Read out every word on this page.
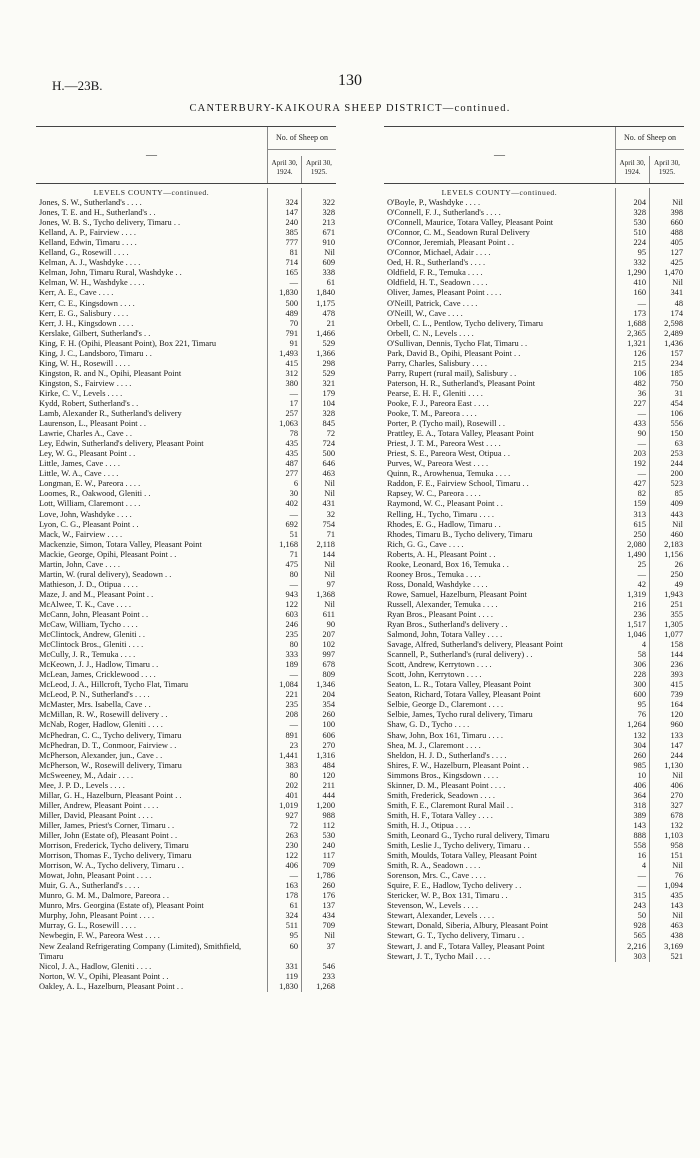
H.—23B.	130
CANTERBURY-KAIKOURA SHEEP DISTRICT—continued.
—
No. of Sheep on
April 30, 1924.
April 30, 1925.
LEVELS COUNTY—continued.
Jones, S. W., Sutherland's . . . .	324	322
Jones, T. E. and H., Sutherland's . .	147	328
Jones, W. B. S., Tycho delivery, Timaru . .	240	213
Kelland, A. P., Fairview . . . .	385	671
Kelland, Edwin, Timaru . . . .	777	910
Kelland, G., Rosewill . . . .	81	Nil
Kelman, A. J., Washdyke . . . .	714	609
Kelman, John, Timaru Rural, Washdyke . .	165	338
Kelman, W. H., Washdyke . . . .	—	61
Kerr, A. E., Cave . . . .	1,830	1,840
Kerr, C. E., Kingsdown . . . .	500	1,175
Kerr, E. G., Salisbury . . . .	489	478
Kerr, J. H., Kingsdown . . . .	70	21
Kerslake, Gilbert, Sutherland's . .	791	1,466
King, F. H. (Opihi, Pleasant Point), Box 221, Timaru	91	529
King, J. C., Landsboro, Timaru . .	1,493	1,366
King, W. H., Rosewill . . . .	415	298
Kingston, R. and N., Opihi, Pleasant Point	312	529
Kingston, S., Fairview . . . .	380	321
Kirke, C. V., Levels . . . .	—	179
Kydd, Robert, Sutherland's . .	17	104
Lamb, Alexander R., Sutherland's delivery	257	328
Laurenson, L., Pleasant Point . .	1,063	845
Lawrie, Charles A., Cave . .	78	72
Ley, Edwin, Sutherland's delivery, Pleasant Point	435	724
Ley, W. G., Pleasant Point . .	435	500
Little, James, Cave . . . .	487	646
Little, W. A., Cave . . . .	277	463
Longman, E. W., Pareora . . . .	6	Nil
Loomes, R., Oakwood, Gleniti . .	30	Nil
Lott, William, Claremont . . . .	402	431
Love, John, Washdyke . . . .	—	32
Lyon, C. G., Pleasant Point . .	692	754
Mack, W., Fairview . . . .	51	71
Mackenzie, Simon, Totara Valley, Pleasant Point	1,168	2,118
Mackie, George, Opihi, Pleasant Point . .	71	144
Martin, John, Cave . . . .	475	Nil
Martin, W. (rural delivery), Seadown . .	80	Nil
Mathieson, J. D., Otipua . . . .	—	97
Maze, J. and M., Pleasant Point . .	943	1,368
McAlwee, T. K., Cave . . . .	122	Nil
McCann, John, Pleasant Point . .	603	611
McCaw, William, Tycho . . . .	246	90
McClintock, Andrew, Gleniti . .	235	207
McClintock Bros., Gleniti . . . .	80	102
McCully, J. R., Temuka . . . .	333	997
McKeown, J. J., Hadlow, Timaru . .	189	678
McLean, James, Cricklewood . . . .	—	809
McLeod, J. A., Hillcroft, Tycho Flat, Timaru	1,084	1,346
McLeod, P. N., Sutherland's . . . .	221	204
McMaster, Mrs. Isabella, Cave . .	235	354
McMillan, R. W., Rosewill delivery . .	208	260
McNab, Roger, Hadlow, Gleniti . . . .	—	100
McPhedran, C. C., Tycho delivery, Timaru	891	606
McPhedran, D. T., Conmoor, Fairview . .	23	270
McPherson, Alexander, jun., Cave . .	1,441	1,316
McPherson, W., Rosewill delivery, Timaru	383	484
McSweeney, M., Adair . . . .	80	120
Mee, J. P. D., Levels . . . .	202	211
Millar, G. H., Hazelburn, Pleasant Point . .	401	444
Miller, Andrew, Pleasant Point . . . .	1,019	1,200
Miller, David, Pleasant Point . . . .	927	988
Miller, James, Priest's Corner, Timaru . .	72	112
Miller, John (Estate of), Pleasant Point . .	263	530
Morrison, Frederick, Tycho delivery, Timaru	230	240
Morrison, Thomas F., Tycho delivery, Timaru	122	117
Morrison, W. A., Tycho delivery, Timaru . .	406	709
Mowat, John, Pleasant Point . . . .	—	1,786
Muir, G. A., Sutherland's . . . .	163	260
Munro, G. M. M., Dalmore, Pareora . .	178	176
Munro, Mrs. Georgina (Estate of), Pleasant Point	61	137
Murphy, John, Pleasant Point . . . .	324	434
Murray, G. L., Rosewill . . . .	511	709
Newbegin, F. W., Pareora West . . . .	95	Nil
New Zealand Refrigerating Company (Limited), Smithfield, Timaru
60	37
Nicol, J. A., Hadlow, Gleniti . . . .	331	546
Norton, W. V., Opihi, Pleasant Point . .	119	233
Oakley, A. L., Hazelburn, Pleasant Point . .	1,830	1,268
—
No. of Sheep on
April 30, 1924.
April 30, 1925.
LEVELS COUNTY—continued.
O'Boyle, P., Washdyke . . . .	204	Nil
O'Connell, F. J., Sutherland's . . . .	328	398
O'Connell, Maurice, Totara Valley, Pleasant Point	530	660
O'Connor, C. M., Seadown Rural Delivery	510	488
O'Connor, Jeremiah, Pleasant Point . .	224	405
O'Connor, Michael, Adair . . . .	95	127
Oed, H. R., Sutherland's . . . .	332	425
Oldfield, F. R., Temuka . . . .	1,290	1,470
Oldfield, H. T., Seadown . . . .	410	Nil
Oliver, James, Pleasant Point . . . .	160	341
O'Neill, Patrick, Cave . . . .	—	48
O'Neill, W., Cave . . . .	173	174
Orbell, C. L., Pentlow, Tycho delivery, Timaru	1,688	2,598
Orbell, C. N., Levels . . . .	2,365	2,489
O'Sullivan, Dennis, Tycho Flat, Timaru . .	1,321	1,436
Park, David B., Opihi, Pleasant Point . .	126	157
Parry, Charles, Salisbury . . . .	215	234
Parry, Rupert (rural mail), Salisbury . .	106	185
Paterson, H. R., Sutherland's, Pleasant Point	482	750
Pearse, E. H. F., Gleniti . . . .	36	31
Pooke, F. J., Pareora East . . . .	227	454
Pooke, T. M., Pareora . . . .	—	106
Porter, P. (Tycho mail), Rosewill . .	433	556
Prattley, E. A., Totara Valley, Pleasant Point	90	150
Priest, J. T. M., Pareora West . . . .	—	63
Priest, S. E., Pareora West, Otipua . .	203	253
Purves, W., Pareora West . . . .	192	244
Quinn, R., Arowhenua, Temuka . . . .	—	200
Raddon, F. E., Fairview School, Timaru . .	427	523
Rapsey, W. C., Pareora . . . .	82	85
Raymond, W. C., Pleasant Point . .	159	409
Relling, H., Tycho, Timaru . . . .	313	443
Rhodes, E. G., Hadlow, Timaru . .	615	Nil
Rhodes, Timaru B., Tycho delivery, Timaru	250	460
Rich, G. G., Cave . . . .	2,080	2,183
Roberts, A. H., Pleasant Point . .	1,490	1,156
Rooke, Leonard, Box 16, Temuka . .	25	26
Rooney Bros., Temuka . . . .	—	250
Ross, Donald, Washdyke . . . .	42	49
Rowe, Samuel, Hazelburn, Pleasant Point	1,319	1,943
Russell, Alexander, Temuka . . . .	216	251
Ryan Bros., Pleasant Point . . . .	236	355
Ryan Bros., Sutherland's delivery . .	1,517	1,305
Salmond, John, Totara Valley . . . .	1,046	1,077
Savage, Alfred, Sutherland's delivery, Pleasant Point	4	158
Scannell, P., Sutherland's (rural delivery) . .	58	144
Scott, Andrew, Kerrytown . . . .	306	236
Scott, John, Kerrytown . . . .	228	393
Seaton, L. R., Totara Valley, Pleasant Point	300	415
Seaton, Richard, Totara Valley, Pleasant Point	600	739
Selbie, George D., Claremont . . . .	95	164
Selbie, James, Tycho rural delivery, Timaru	76	120
Shaw, G. D., Tycho . . . .	1,264	960
Shaw, John, Box 161, Timaru . . . .	132	133
Shea, M. J., Claremont . . . .	304	147
Sheldon, H. J. D., Sutherland's . . . .	260	244
Shires, F. W., Hazelburn, Pleasant Point . .	985	1,130
Simmons Bros., Kingsdown . . . .	10	Nil
Skinner, D. M., Pleasant Point . . . .	406	406
Smith, Frederick, Seadown . . . .	364	270
Smith, F. E., Claremont Rural Mail . .	318	327
Smith, H. F., Totara Valley . . . .	389	678
Smith, H. J., Otipua . . . .	143	132
Smith, Leonard G., Tycho rural delivery, Timaru	888	1,103
Smith, Leslie J., Tycho delivery, Timaru . .	558	958
Smith, Moulds, Totara Valley, Pleasant Point	16	151
Smith, R. A., Seadown . . . .	4	Nil
Sorenson, Mrs. C., Cave . . . .	—	76
Squire, F. E., Hadlow, Tycho delivery . .	—	1,094
Stericker, W. P., Box 131, Timaru . .	315	435
Stevenson, W., Levels . . . .	243	143
Stewart, Alexander, Levels . . . .	50	Nil
Stewart, Donald, Siberia, Albury, Pleasant Point	928	463
Stewart, G. T., Tycho delivery, Timaru . .	565	438
Stewart, J. and F., Totara Valley, Pleasant Point	2,216	3,169
Stewart, J. T., Tycho Mail . . . .	303	521
